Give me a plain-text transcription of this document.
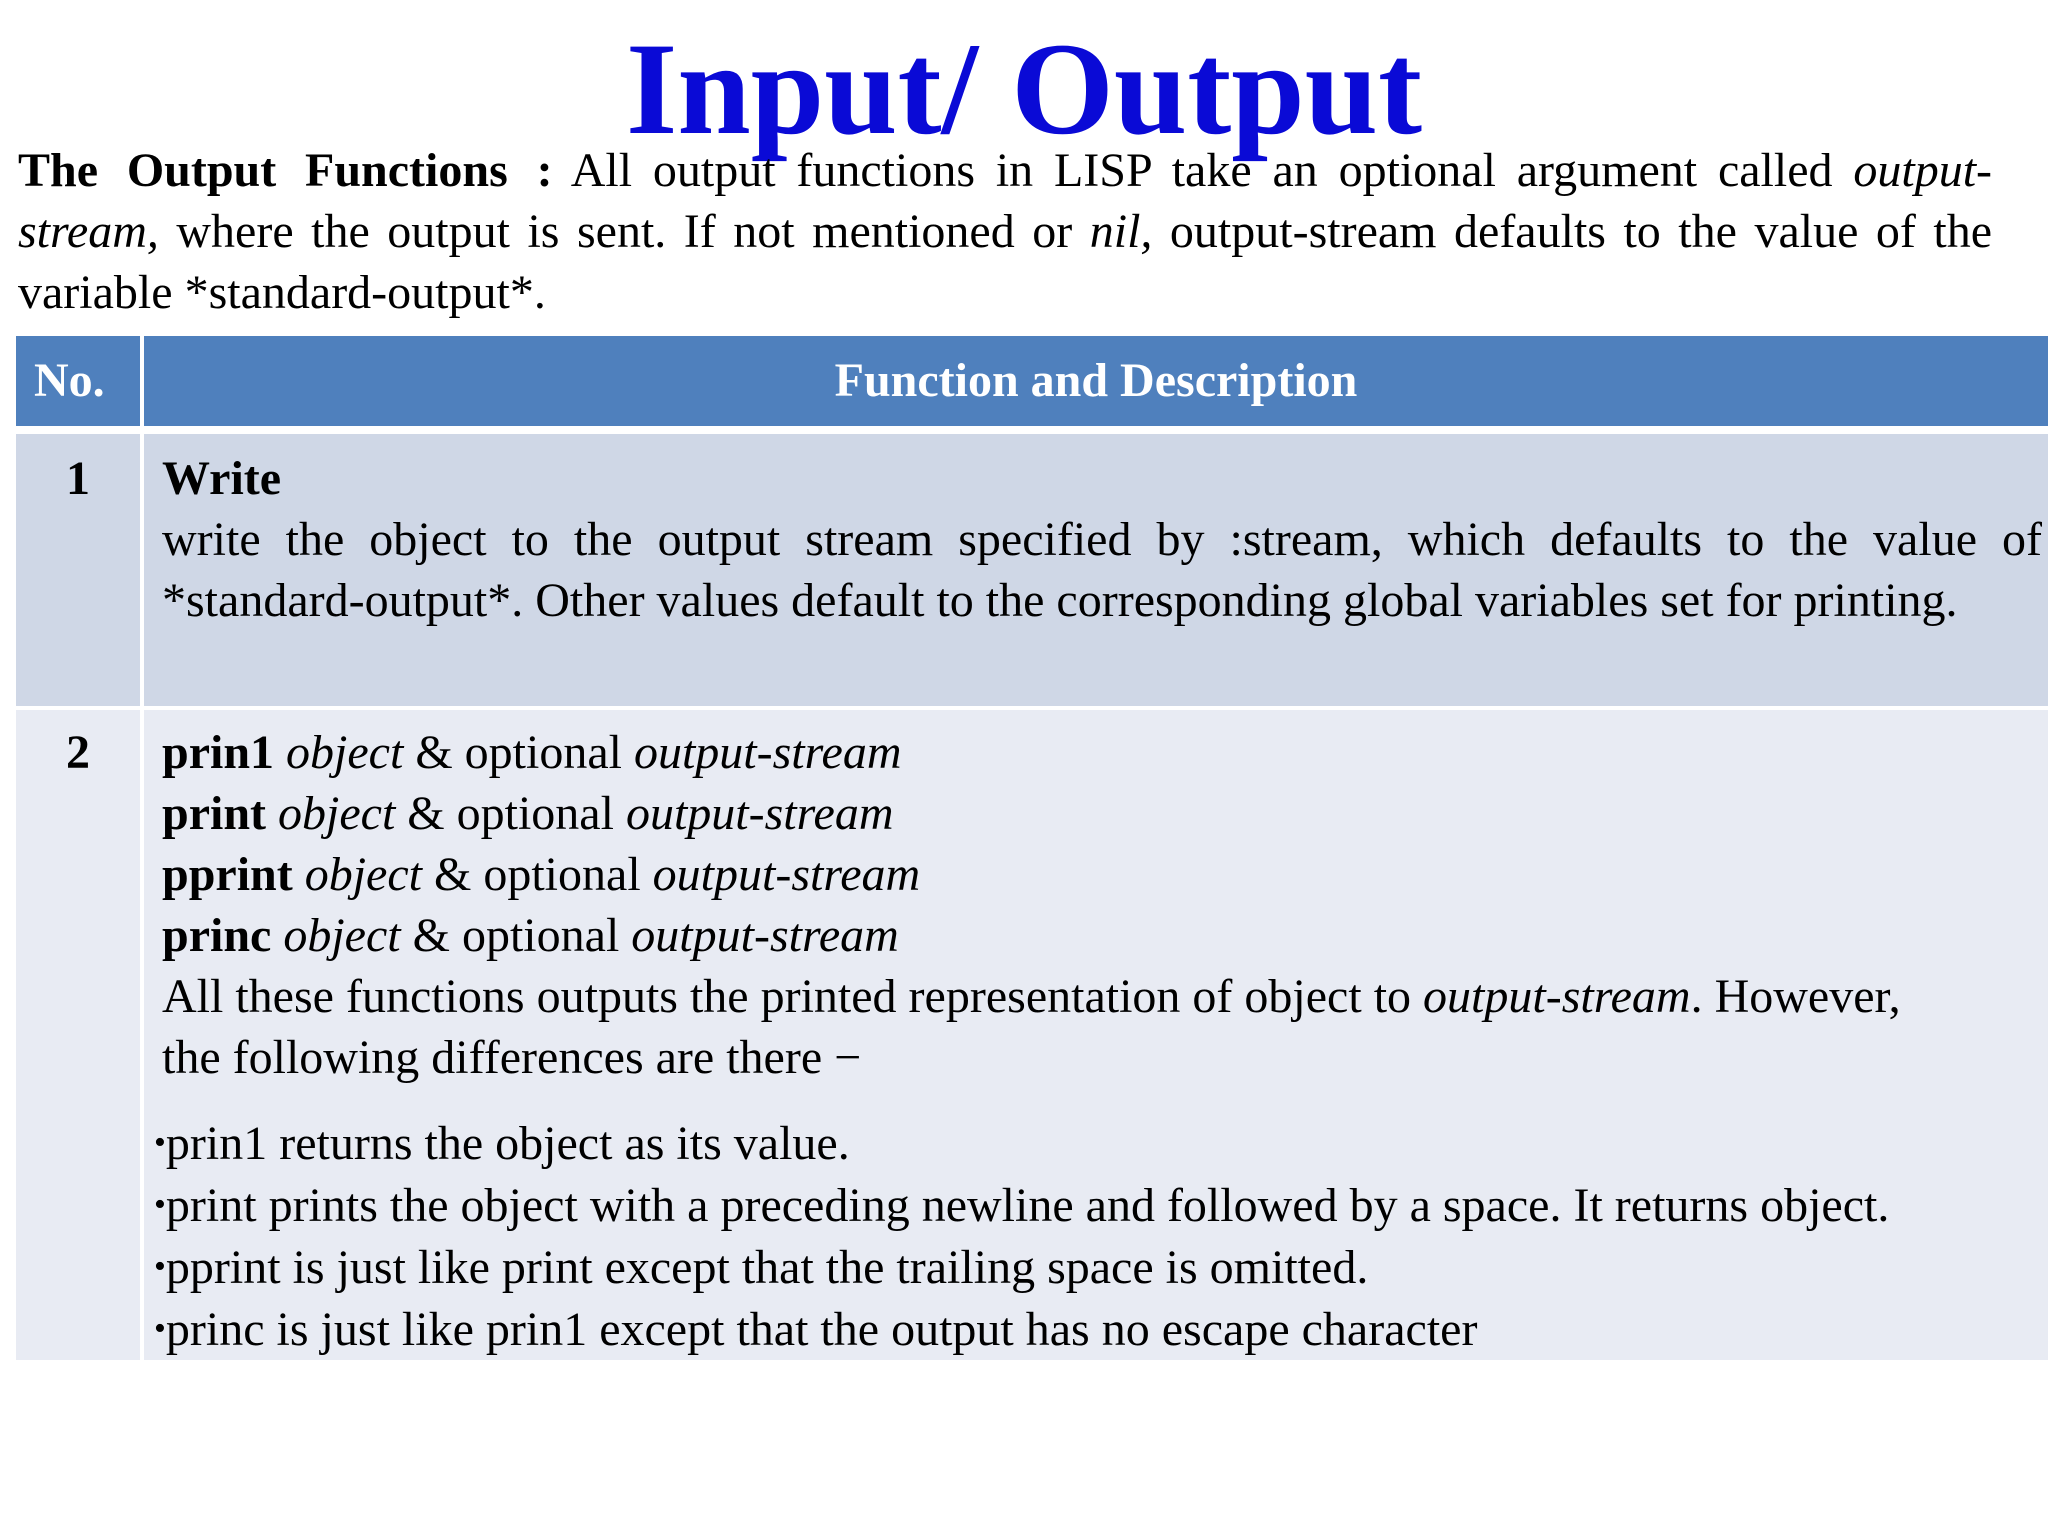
Input/ Output

The Output Functions : All output functions in LISP take an optional argument called output-stream, where the output is sent. If not mentioned or nil, output-stream defaults to the value of the variable *standard-output*.

No.	Function and Description
1	Write
write the object to the output stream specified by :stream, which defaults to the value of *standard-output*. Other values default to the corresponding global variables set for printing.

2	prin1 object & optional output-stream
print object & optional output-stream
pprint object & optional output-stream
princ object & optional output-stream
All these functions outputs the printed representation of object to output-stream. However,
the following differences are there −
•prin1 returns the object as its value.
•print prints the object with a preceding newline and followed by a space. It returns object.
•pprint is just like print except that the trailing space is omitted.
•princ is just like prin1 except that the output has no escape character
